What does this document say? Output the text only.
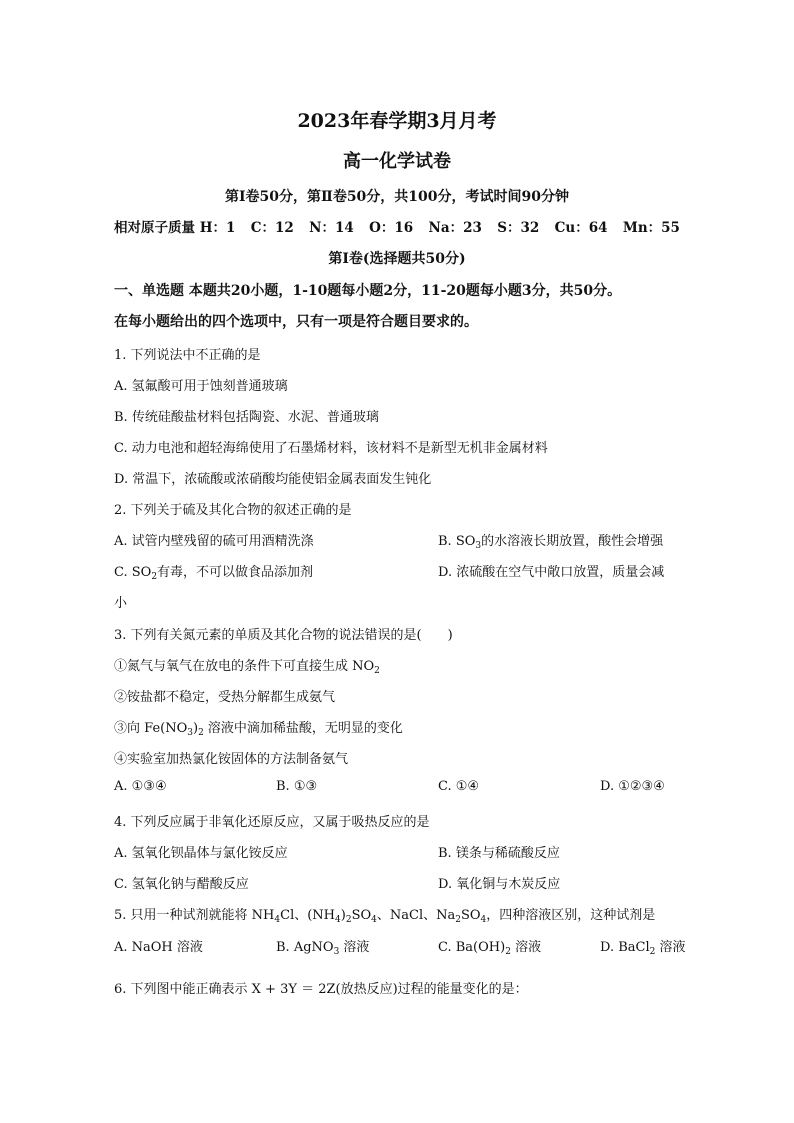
2023年春学期3月月考
高一化学试卷
第Ⅰ卷50分，第Ⅱ卷50分，共100分，考试时间90分钟
相对原子质量 H：1 C：12 N：14 O：16 Na：23 S：32 Cu：64 Mn：55
第Ⅰ卷(选择题共50分)
一、单选题 本题共20小题，1-10题每小题2分，11-20题每小题3分，共50分。
在每小题给出的四个选项中，只有一项是符合题目要求的。
1. 下列说法中不正确的是
A. 氢氟酸可用于蚀刻普通玻璃
B. 传统硅酸盐材料包括陶瓷、水泥、普通玻璃
C. 动力电池和超轻海绵使用了石墨烯材料，该材料不是新型无机非金属材料
D. 常温下，浓硫酸或浓硝酸均能使铝金属表面发生钝化
2. 下列关于硫及其化合物的叙述正确的是
A. 试管内壁残留的硫可用酒精洗涤	B. $SO_3$的水溶液长期放置，酸性会增强
C. $SO_2$有毒，不可以做食品添加剂	D. 浓硫酸在空气中敞口放置，质量会减
小
3. 下列有关氮元素的单质及其化合物的说法错误的是(　　)
①氮气与氧气在放电的条件下可直接生成 $NO_2$
②铵盐都不稳定，受热分解都生成氨气
③向 $Fe(NO_3)_2$ 溶液中滴加稀盐酸，无明显的变化
④实验室加热氯化铵固体的方法制备氨气
A. ①③④	B. ①③	C. ①④	D. ①②③④
4. 下列反应属于非氧化还原反应，又属于吸热反应的是
A. 氢氧化钡晶体与氯化铵反应	B. 镁条与稀硫酸反应
C. 氢氧化钠与醋酸反应	D. 氧化铜与木炭反应
5. 只用一种试剂就能将 $NH_4Cl$、$(NH_4)_2SO_4$、NaCl、$Na_2SO_4$，四种溶液区别，这种试剂是
A. NaOH 溶液	B. AgNO$_3$ 溶液	C. $Ba(OH)_2$ 溶液	D. BaCl$_2$ 溶液
6. 下列图中能正确表示 X + 3Y ＝ 2Z(放热反应)过程的能量变化的是：
